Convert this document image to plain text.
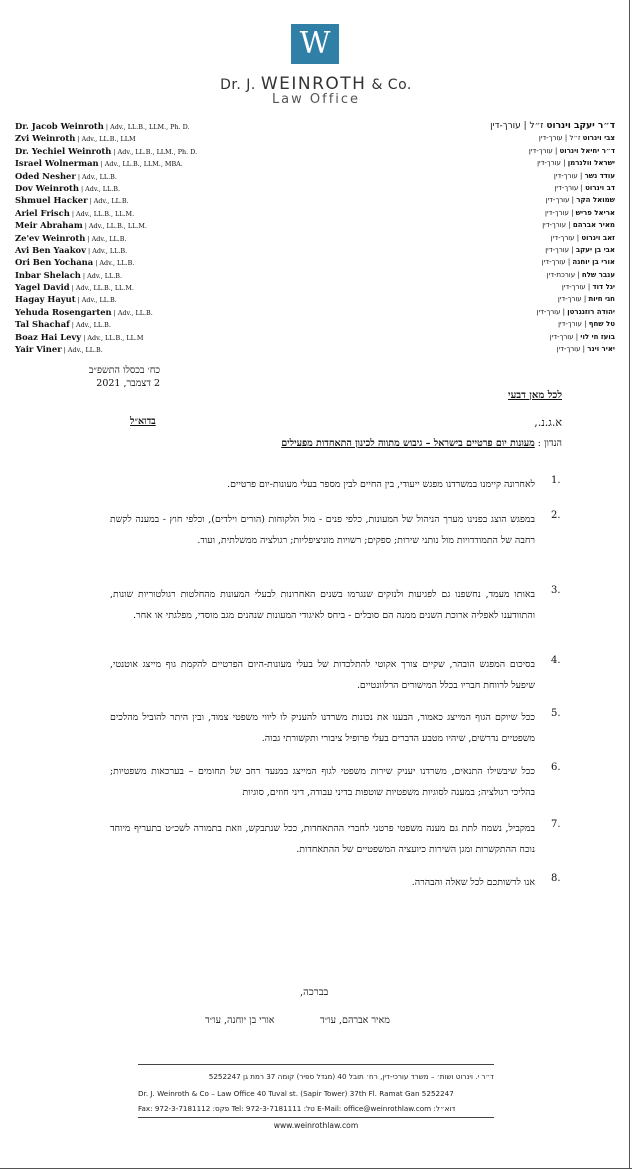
W
Dr. J. WEINROTH & Co.
Law Office
Dr. Jacob Weinroth | Adv., LL.B., LLM., Ph. D.
Zvi Weinroth | Adv., LL.B., LLM
Dr. Yechiel Weinroth | Adv., LL.B., LLM., Ph. D.
Israel Wolnerman | Adv., LL.B., LLM., MBA.
Oded Nesher | Adv., LL.B.
Dov Weinroth | Adv., LL.B.
Shmuel Hacker | Adv., LL.B.
Ariel Frisch | Adv., LL.B., LL.M.
Meir Abraham | Adv., LL.B., LL.M.
Ze'ev Weinroth | Adv., LL.B.
Avi Ben Yaakov | Adv., LL.B.
Ori Ben Yochana | Adv., LL.B.
Inbar Shelach | Adv., LL.B.
Yagel David | Adv., LL.B., LL.M.
Hagay Hayut | Adv., LL.B.
Yehuda Rosengarten | Adv., LL.B.
Tal Shachaf | Adv., LL.B.
Boaz Hai Levy | Adv., LL.B., LL.M
Yair Viner | Adv., LL.B.
ד״ר יעקב וינרוט ז״ל | עורך-דין
צבי וינרוט ז״ל | עורך-דין
ד״ר יחיאל וינרוט | עורך-דין
ישראל וולנרמן | עורך-דין
עודד נשר | עורך-דין
דב וינרוט | עורך-דין
שמואל הקר | עורך-דין
אריאל פריש | עורך-דין
מאיר אברהם | עורך-דין
זאב וינרוט | עורך-דין
אבי בן יעקב | עורך-דין
אורי בן יוחנה | עורך-דין
ענבר שלח | עורכת-דין
יגל דוד | עורך-דין
חגי חיות | עורך-דין
יהודה רוזנגרטן | עורך-דין
טל שחף | עורך-דין
בועז חי לוי | עורך-דין
יאיר וינר | עורך-דין
כח׳ בכסלו התשפ״ב
2 דצמבר, 2021
לכל מאן דבעי
א.ג.נ.,
בדוא״ל
הנדון : מעונות יום פרטיים בישראל – גיבוש מתווה לכינון התאחדות מפעילים
1.
לאחרונה קיימנו במשרדנו מפגש ייעודי, בין החיים לבין מספר בעלי מעונות-יום פרטיים.
2.
במפגש הוצג בפנינו מערך הניהול של המעונות, כלפי פנים - מול הלקוחות (הורים וילדים), וכלפי חוץ - במענה לקשת רחבה של התמודדויות מול נותני שירות; ספקים; רשויות מוניציפליות; רגולציה ממשלתית, ועוד.
3.
באותו מעמד, נחשפנו גם לפגיעות ולנזקים שנגרמו בשנים האחרונות לבעלי המעונות מהחלטות רגולטוריות שונות, והתוודענו לאפליה ארוכת השנים ממנה הם סובלים - ביחס לאיגודי המעונות שנהנים מגב מוסדי, מפלגתי או אחר.
4.
בסיכום המפגש הובהר, שקיים צורך אקוטי להתלכדות של בעלי מעונות-היום הפרטיים להקמת גוף מייצג אוטנטי, שיפעל לרווחת חבריו בכלל המישורים הרלוונטיים.
5.
ככל שיוקם הגוף המייצג כאמור, הבענו את נכונות משרדנו להעניק לו ליווי משפטי צמוד, ובין היתר להוביל מהלכים משפטיים נדרשים, שיהיו מטבע הדברים בעלי פרופיל ציבורי ותקשורתי גבוה.
6.
ככל שיבשילו התנאים, משרדנו יעניק שירות משפטי לגוף המייצג במנעד רחב של תחומים – בערכאות משפטיות; בהליכי רגולציה; במענה לסוגיות משפטיות שוטפות בדיני עבודה, דיני חוזים, סוגיות
7.
במקביל, נשמח לתת גם מענה משפטי פרטני לחברי ההתאחדות, ככל שנתבקש, וזאת בתמורה לשכ״ט בתעריף מיוחד נוכח ההתקשרות ומגן השירות כיועציה המשפטיים של ההתאחדות.
8.
אנו לרשותכם לכל שאלה והבהרה.
בברכה,
מאיר אברהם, עו״ד
אורי בן יוחנה, עו״ד
ד״ר י. וינרוט ושות׳ – משרד עורכי-דין, רח׳ תובל 40 (מגדל ספיר) קומה 37 רמת גן 5252247
Dr. J. Weinroth & Co – Law Office 40 Tuval st. (Sapir Tower) 37th Fl. Ramat Gan 5252247
Fax: 972-3-7181112 :פקס Tel: 972-3-7181111 :טל E-Mail: office@weinrothlaw.com :דוא״ל
www.weinrothlaw.com
